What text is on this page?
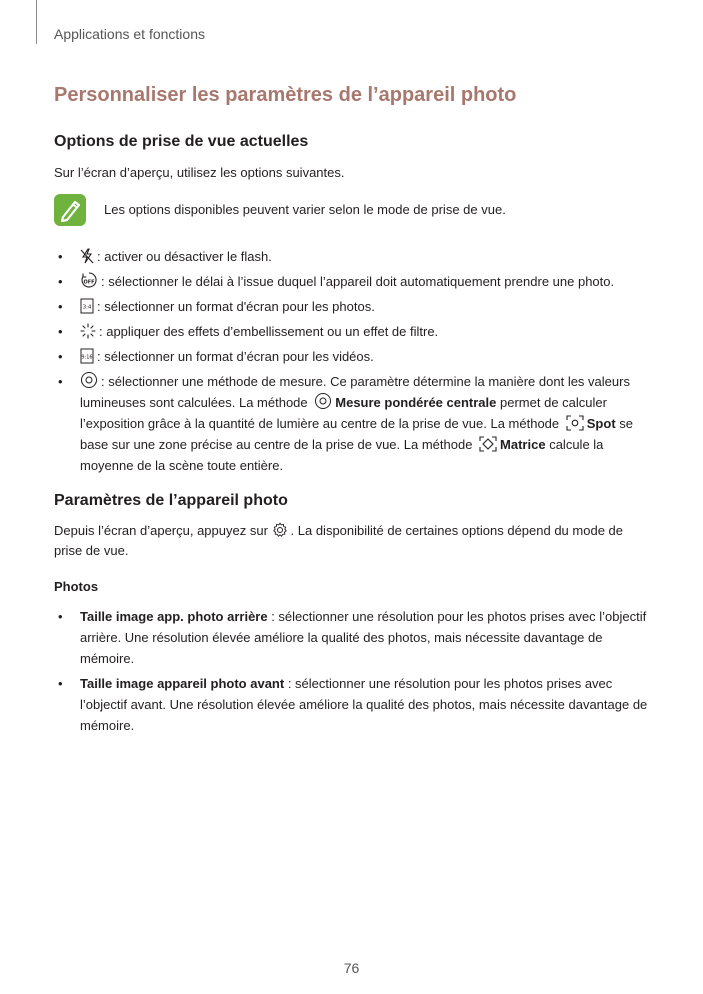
Applications et fonctions
Personnaliser les paramètres de l’appareil photo
Options de prise de vue actuelles
Sur l’écran d’aperçu, utilisez les options suivantes.
Les options disponibles peuvent varier selon le mode de prise de vue.
•	: activer ou désactiver le flash.
•	OFF : sélectionner le délai à l’issue duquel l’appareil doit automatiquement prendre une photo.
•	3:4 : sélectionner un format d'écran pour les photos.
•	: appliquer des effets d’embellissement ou un effet de filtre.
•	9:16 : sélectionner un format d’écran pour les vidéos.
•	: sélectionner une méthode de mesure. Ce paramètre détermine la manière dont les valeurs lumineuses sont calculées. La méthode Mesure pondérée centrale permet de calculer l’exposition grâce à la quantité de lumière au centre de la prise de vue. La méthode Spot se base sur une zone précise au centre de la prise de vue. La méthode Matrice calcule la moyenne de la scène toute entière.
Paramètres de l’appareil photo
Depuis l’écran d’aperçu, appuyez sur . La disponibilité de certaines options dépend du mode de prise de vue.
Photos
• Taille image app. photo arrière : sélectionner une résolution pour les photos prises avec l’objectif arrière. Une résolution élevée améliore la qualité des photos, mais nécessite davantage de mémoire.
• Taille image appareil photo avant : sélectionner une résolution pour les photos prises avec l’objectif avant. Une résolution élevée améliore la qualité des photos, mais nécessite davantage de mémoire.
76
